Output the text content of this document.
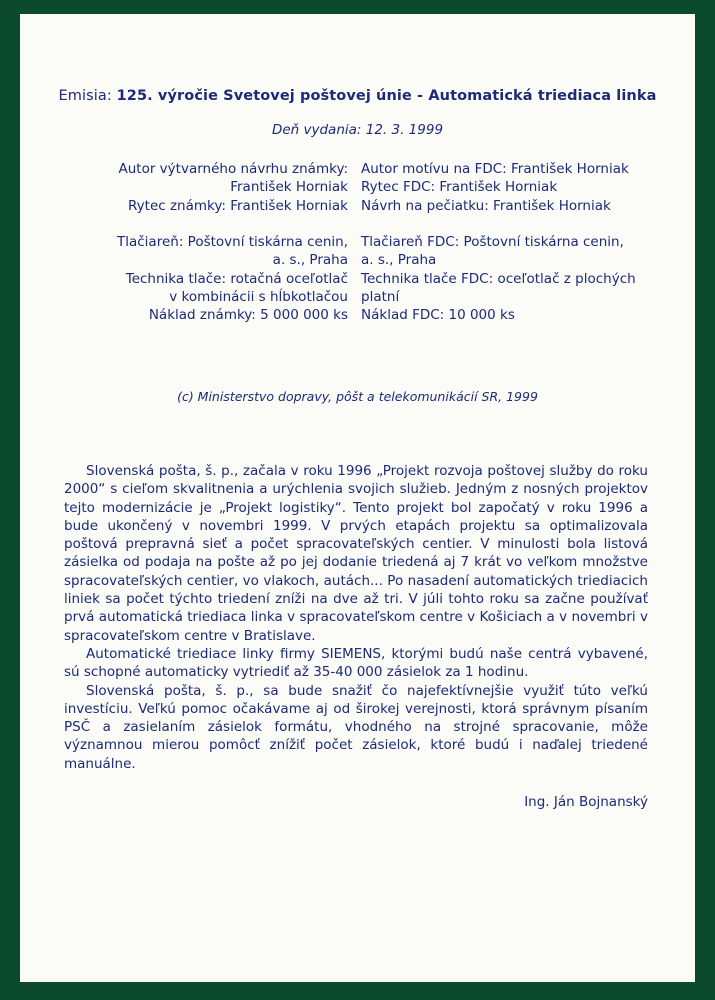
Emisia: 125. výročie Svetovej poštovej únie - Automatická triediaca linka
Deň vydania: 12. 3. 1999
Autor výtvarného návrhu známky:
František Horniak
Rytec známky: František Horniak

Tlačiareň: Poštovní tiskárna cenin,
a. s., Praha
Technika tlače: rotačná oceľotlač
v kombinácii s hĺbkotlačou
Náklad známky: 5 000 000 ks
Autor motívu na FDC: František Horniak
Rytec FDC: František Horniak
Návrh na pečiatku: František Horniak

Tlačiareň FDC: Poštovní tiskárna cenin,
a. s., Praha
Technika tlače FDC: oceľotlač z plochých
platní
Náklad FDC: 10 000 ks
(c) Ministerstvo dopravy, pôšt a telekomunikácií SR, 1999

Slovenská pošta, š. p., začala v roku 1996 „Projekt rozvoja poštovej služby do roku 2000“ s cieľom skvalitnenia a urýchlenia svojich služieb. Jedným z nosných projektov tejto modernizácie je „Projekt logistiky“. Tento projekt bol započatý v roku 1996 a bude ukončený v novembri 1999. V prvých etapách projektu sa optimalizovala poštová prepravná sieť a počet spracovateľských centier. V minulosti bola listová zásielka od podaja na pošte až po jej dodanie triedená aj 7 krát vo veľkom množstve spracovateľských centier, vo vlakoch, autách... Po nasadení automatických triediacich liniek sa počet týchto triedení zníži na dve až tri. V júli tohto roku sa začne používať prvá automatická triediaca linka v spracovateľskom centre v Košiciach a v novembri v spracovateľskom centre v Bratislave.

Automatické triediace linky firmy SIEMENS, ktorými budú naše centrá vybavené, sú schopné automaticky vytriediť až 35-40 000 zásielok za 1 hodinu.

Slovenská pošta, š. p., sa bude snažiť čo najefektívnejšie využiť túto veľkú investíciu. Veľkú pomoc očakávame aj od širokej verejnosti, ktorá správnym písaním PSČ a zasielaním zásielok formátu, vhodného na strojné spracovanie, môže významnou mierou pomôcť znížiť počet zásielok, ktoré budú i naďalej triedené manuálne.

Ing. Ján Bojnanský
